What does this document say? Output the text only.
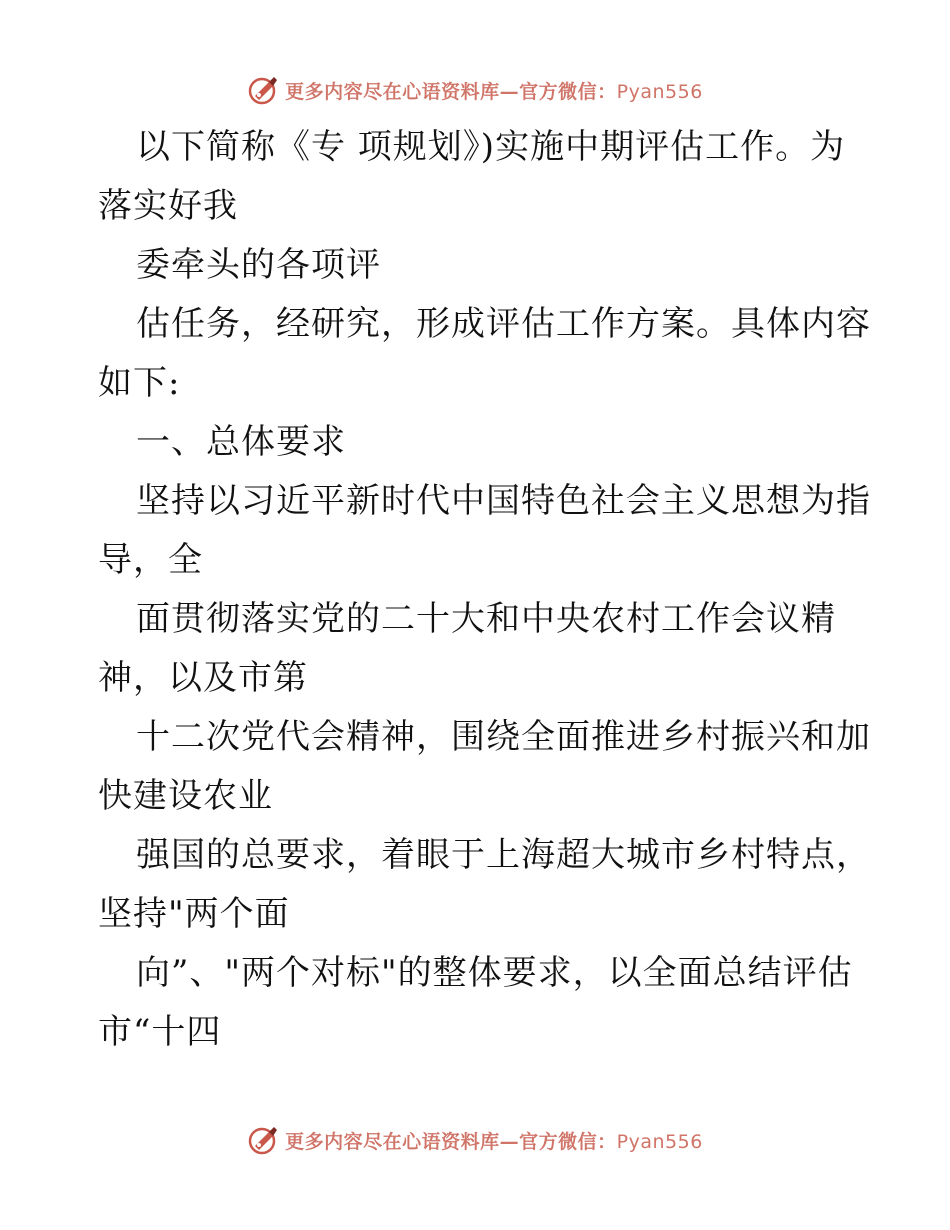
更多内容尽在心语资料库—官方微信：Pyan556
以下简称《专 项规划》)实施中期评估工作。为
落实好我
委牵头的各项评
估任务，经研究，形成评估工作方案。具体内容
如下:
一、总体要求
坚持以习近平新时代中国特色社会主义思想为指
导，全
面贯彻落实党的二十大和中央农村工作会议精
神，以及市第
十二次党代会精神，围绕全面推进乡村振兴和加
快建设农业
强国的总要求，着眼于上海超大城市乡村特点，
坚持"两个面
向”、"两个对标"的整体要求，以全面总结评估
市“十四
更多内容尽在心语资料库—官方微信：Pyan556
